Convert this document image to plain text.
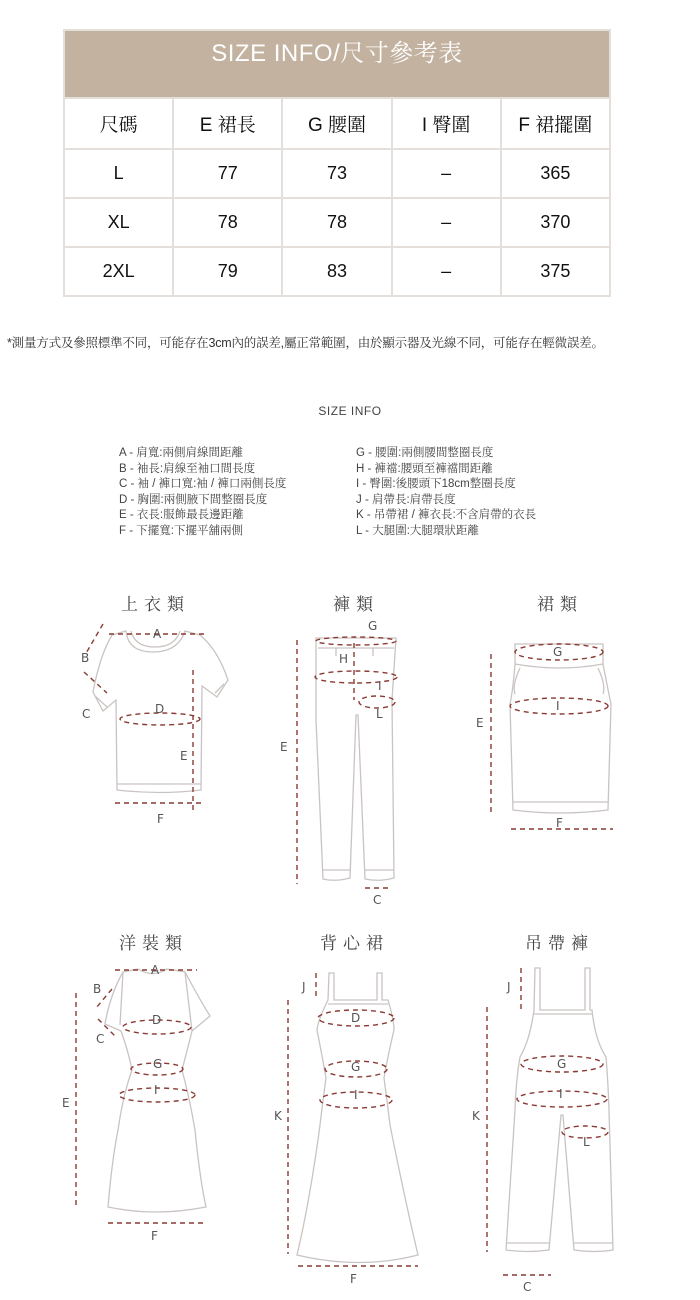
SIZE INFO/尺寸參考表				
尺碼	E 裙長	G 腰圍	I 臀圍	F 裙擺圍
L	77	73	–	365
XL	78	78	–	370
2XL	79	83	–	375
*測量方式及參照標準不同，可能存在3cm內的誤差,屬正常範圍，由於顯示器及光線不同，可能存在輕微誤差。
SIZE INFO
A - 肩寬:兩側肩線間距離
B - 袖長:肩線至袖口間長度
C - 袖 / 褲口寬:袖 / 褲口兩側長度
D - 胸圍:兩側腋下間整圈長度
E - 衣長:服飾最長邊距離
F - 下擺寬:下擺平舖兩側
G - 腰圍:兩側腰間整圈長度
H - 褲襠:腰頭至褲襠間距離
I - 臀圍:後腰頭下18cm整圈長度
J - 肩帶長:肩帶長度
K - 吊帶裙 / 褲衣長:不含肩帶的衣長
L - 大腿圍:大腿環狀距離
上衣類	褲類	裙類
A
B
C	D
E
F
G
H
I
L
E
C
G
I
E
F
洋裝類	背心裙	吊帶褲
A
B
C
D
G
I
E
F
J
D
G
I
K
F
J
G
I
L
K
C
